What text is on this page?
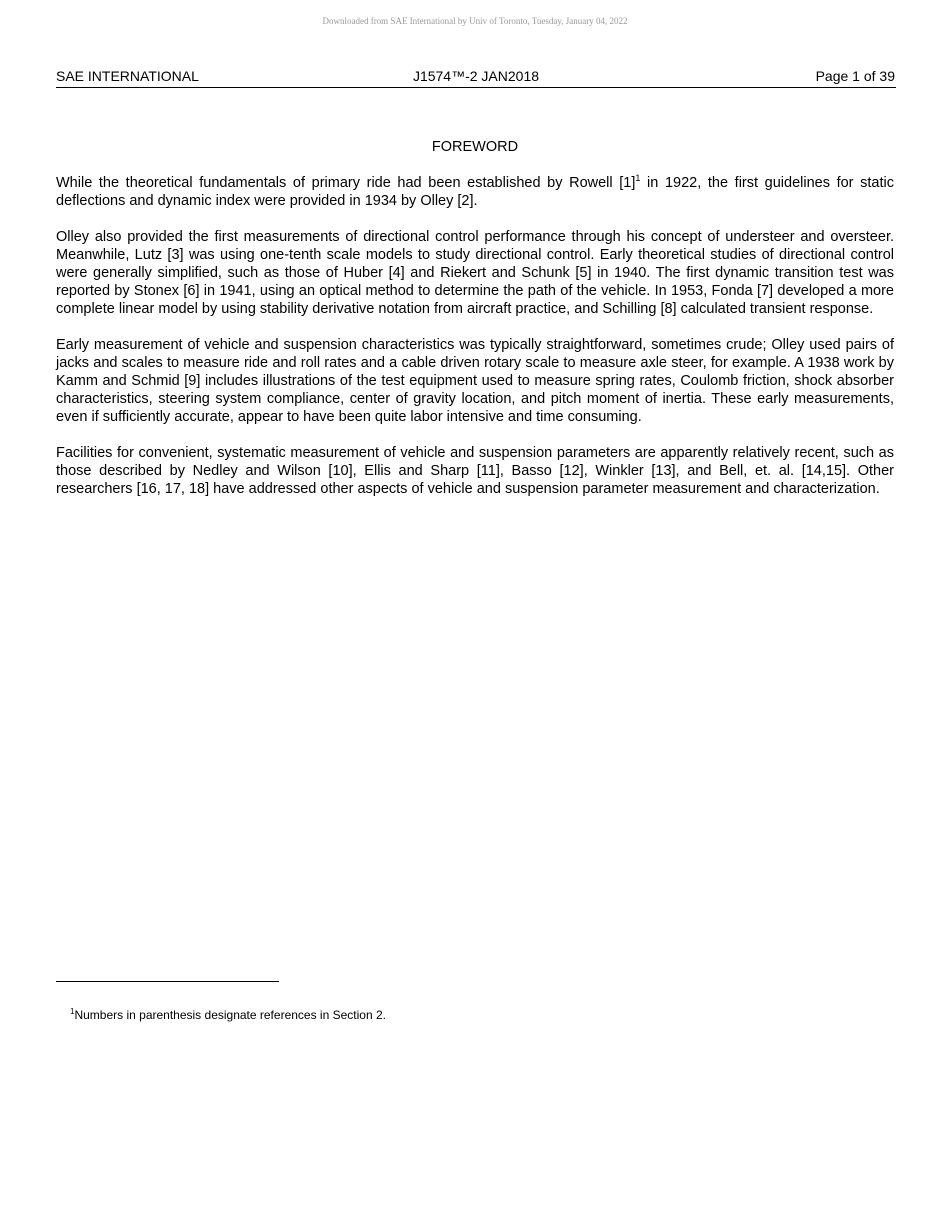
Downloaded from SAE International by Univ of Toronto, Tuesday, January 04, 2022
SAE INTERNATIONAL	J1574™-2 JAN2018	Page 1 of 39
FOREWORD

While the theoretical fundamentals of primary ride had been established by Rowell $[1]^1$ in 1922, the first guidelines for static deflections and dynamic index were provided in 1934 by Olley [2].

Olley also provided the first measurements of directional control performance through his concept of understeer and oversteer. Meanwhile, Lutz [3] was using one-tenth scale models to study directional control. Early theoretical studies of directional control were generally simplified, such as those of Huber [4] and Riekert and Schunk [5] in 1940. The first dynamic transition test was reported by Stonex [6] in 1941, using an optical method to determine the path of the vehicle. In 1953, Fonda [7] developed a more complete linear model by using stability derivative notation from aircraft practice, and Schilling [8] calculated transient response.

Early measurement of vehicle and suspension characteristics was typically straightforward, sometimes crude; Olley used pairs of jacks and scales to measure ride and roll rates and a cable driven rotary scale to measure axle steer, for example. A 1938 work by Kamm and Schmid [9] includes illustrations of the test equipment used to measure spring rates, Coulomb friction, shock absorber characteristics, steering system compliance, center of gravity location, and pitch moment of inertia. These early measurements, even if sufficiently accurate, appear to have been quite labor intensive and time consuming.

Facilities for convenient, systematic measurement of vehicle and suspension parameters are apparently relatively recent, such as those described by Nedley and Wilson [10], Ellis and Sharp [11], Basso [12], Winkler [13], and Bell, et. al. [14,15]. Other researchers [16, 17, 18] have addressed other aspects of vehicle and suspension parameter measurement and characterization.

$^1$Numbers in parenthesis designate references in Section 2.
